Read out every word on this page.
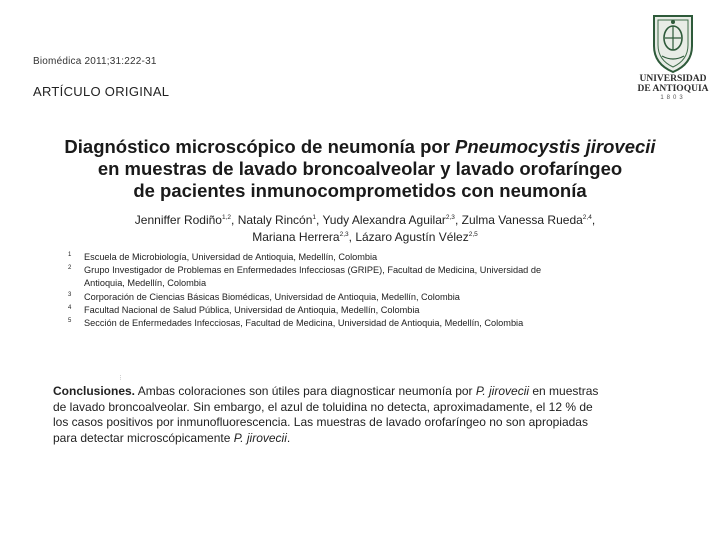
Biomédica 2011;31:222-31
ARTÍCULO ORIGINAL
UNIVERSIDAD
DE ANTIOQUIA
1803
Diagnóstico microscópico de neumonía por Pneumocystis jirovecii
en muestras de lavado broncoalveolar y lavado orofaríngeo
de pacientes inmunocomprometidos con neumonía
Jenniffer Rodiño$^{1,2}$, Nataly Rincón$^1$, Yudy Alexandra Aguilar$^{2,3}$, Zulma Vanessa Rueda$^{2,4}$,
Mariana Herrera$^{2,3}$, Lázaro Agustín Vélez$^{2,5}$
1 Escuela de Microbiología, Universidad de Antioquia, Medellín, Colombia
2 Grupo Investigador de Problemas en Enfermedades Infecciosas (GRIPE), Facultad de Medicina, Universidad de
Antioquia, Medellín, Colombia
3 Corporación de Ciencias Básicas Biomédicas, Universidad de Antioquia, Medellín, Colombia
4 Facultad Nacional de Salud Pública, Universidad de Antioquia, Medellín, Colombia
5 Sección de Enfermedades Infecciosas, Facultad de Medicina, Universidad de Antioquia, Medellín, Colombia
⋮
Conclusiones. Ambas coloraciones son útiles para diagnosticar neumonía por P. jirovecii en muestras
de lavado broncoalveolar. Sin embargo, el azul de toluidina no detecta, aproximadamente, el 12 % de
los casos positivos por inmunofluorescencia. Las muestras de lavado orofaríngeo no son apropiadas
para detectar microscópicamente P. jirovecii.
